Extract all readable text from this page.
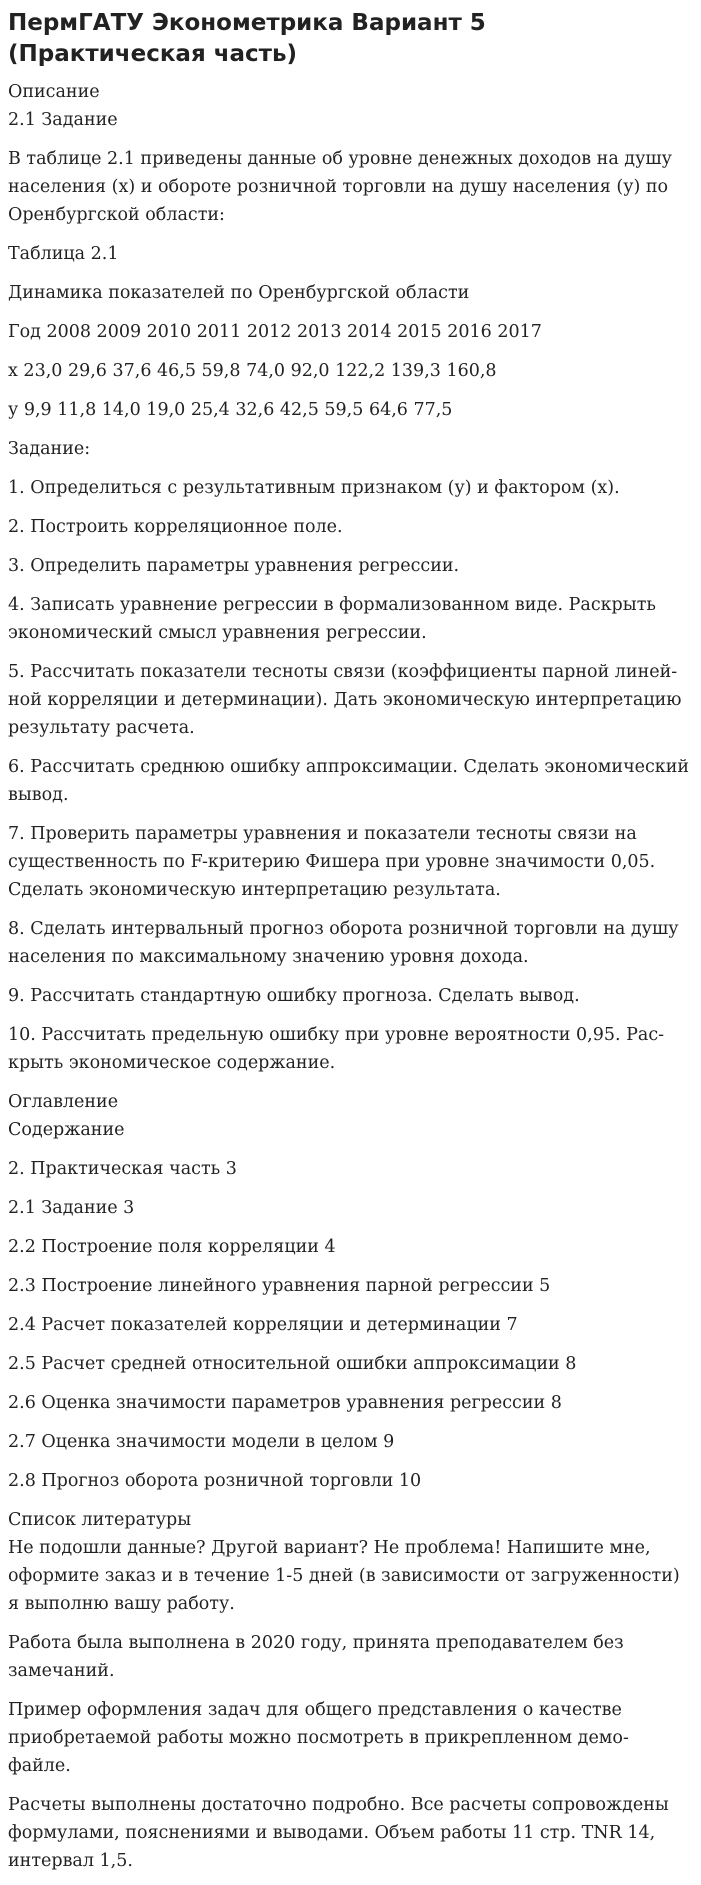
ПермГАТУ Эконометрика Вариант 5 (Практическая часть)
Описание

2.1 Задание

В таблице 2.1 приведены данные об уровне денежных доходов на душу населения (х) и обороте розничной торговли на душу населения (у) по Оренбургской области:

Таблица 2.1

Динамика показателей по Оренбургской области

Год 2008 2009 2010 2011 2012 2013 2014 2015 2016 2017

х 23,0 29,6 37,6 46,5 59,8 74,0 92,0 122,2 139,3 160,8

у 9,9 11,8 14,0 19,0 25,4 32,6 42,5 59,5 64,6 77,5

Задание:

1. Определиться с результативным признаком (у) и фактором (х).

2. Построить корреляционное поле.

3. Определить параметры уравнения регрессии.

4. Записать уравнение регрессии в формализованном виде. Раскрыть экономический смысл уравнения регрессии.

5. Рассчитать показатели тесноты связи (коэффициенты парной линей-ной корреляции и детерминации). Дать экономическую интерпретацию результату расчета.

6. Рассчитать среднюю ошибку аппроксимации. Сделать экономический вывод.

7. Проверить параметры уравнения и показатели тесноты связи на существенность по F-критерию Фишера при уровне значимости 0,05. Сделать экономическую интерпретацию результата.

8. Сделать интервальный прогноз оборота розничной торговли на душу населения по максимальному значению уровня дохода.

9. Рассчитать стандартную ошибку прогноза. Сделать вывод.

10. Рассчитать предельную ошибку при уровне вероятности 0,95. Рас-крыть экономическое содержание.

Оглавление

Содержание

2. Практическая часть 3

2.1 Задание 3

2.2 Построение поля корреляции 4

2.3 Построение линейного уравнения парной регрессии 5

2.4 Расчет показателей корреляции и детерминации 7

2.5 Расчет средней относительной ошибки аппроксимации 8

2.6 Оценка значимости параметров уравнения регрессии 8

2.7 Оценка значимости модели в целом 9

2.8 Прогноз оборота розничной торговли 10

Список литературы

Не подошли данные? Другой вариант? Не проблема! Напишите мне, оформите заказ и в течение 1-5 дней (в зависимости от загруженности) я выполню вашу работу.

Работа была выполнена в 2020 году, принята преподавателем без замечаний.

Пример оформления задач для общего представления о качестве приобретаемой работы можно посмотреть в прикрепленном демо-файле.

Расчеты выполнены достаточно подробно. Все расчеты сопровождены формулами, пояснениями и выводами. Объем работы 11 стр. TNR 14, интервал 1,5.
